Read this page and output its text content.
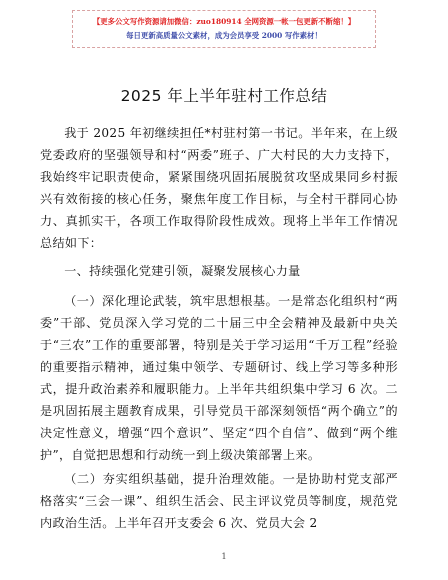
【更多公文写作资源请加微信：zuo180914 全网资源一帐一包更新不断缩！】
每日更新高质量公文素材，成为会员享受 2000 写作素材！
2025 年上半年驻村工作总结

我于 2025 年初继续担任*村驻村第一书记。半年来，在上级党委政府的坚强领导和村“两委”班子、广大村民的大力支持下，我始终牢记职责使命，紧紧围绕巩固拓展脱贫攻坚成果同乡村振兴有效衔接的核心任务，聚焦年度工作目标，与全村干群同心协力、真抓实干，各项工作取得阶段性成效。现将上半年工作情况总结如下：

一、持续强化党建引领，凝聚发展核心力量

（一）深化理论武装，筑牢思想根基。一是常态化组织村“两委”干部、党员深入学习党的二十届三中全会精神及最新中央关于“三农”工作的重要部署，特别是关于学习运用“千万工程”经验的重要指示精神，通过集中领学、专题研讨、线上学习等多种形式，提升政治素养和履职能力。上半年共组织集中学习 6 次。二是巩固拓展主题教育成果，引导党员干部深刻领悟“两个确立”的决定性意义，增强“四个意识”、坚定“四个自信”、做到“两个维护”，自觉把思想和行动统一到上级决策部署上来。

（二）夯实组织基础，提升治理效能。一是协助村党支部严格落实“三会一课”、组织生活会、民主评议党员等制度，规范党内政治生活。上半年召开支委会 6 次、党员大会 2

1
